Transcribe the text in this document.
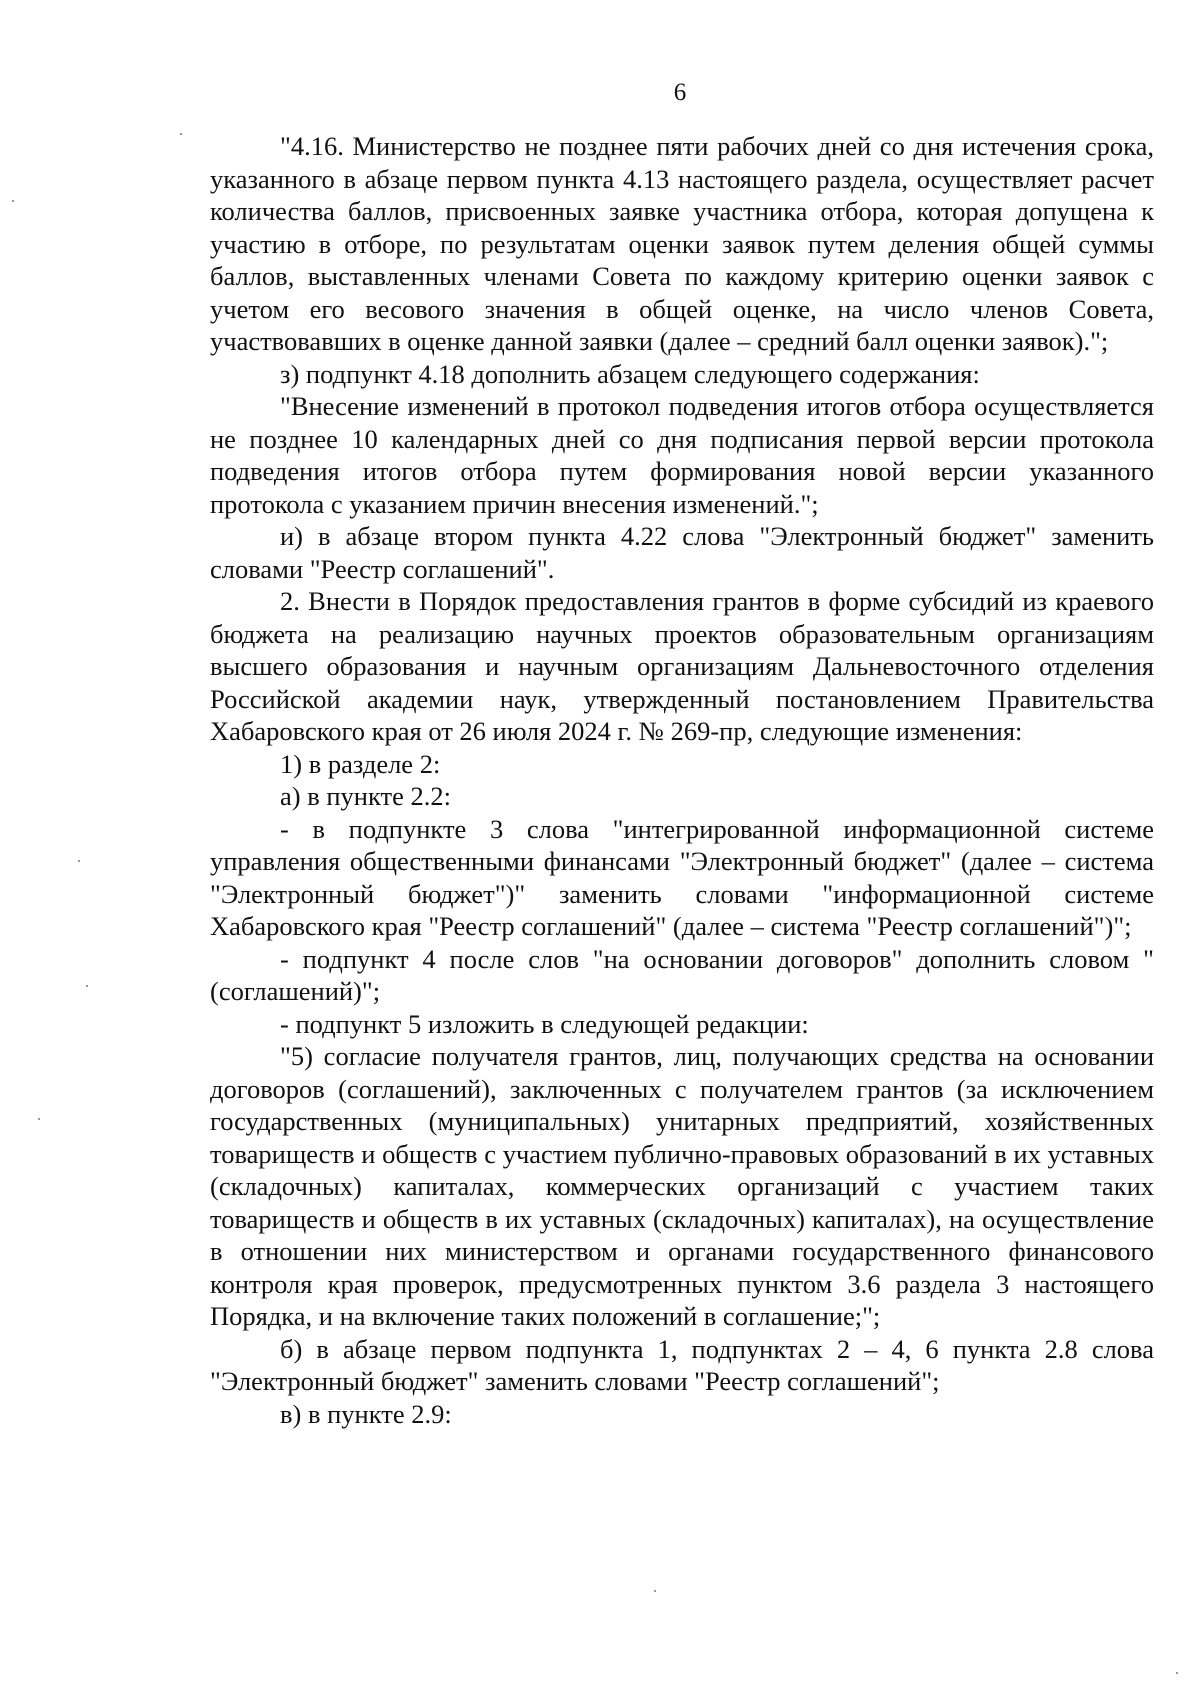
6

"4.16. Министерство не позднее пяти рабочих дней со дня истечения срока, указанного в абзаце первом пункта 4.13 настоящего раздела, осуществляет расчет количества баллов, присвоенных заявке участника отбора, которая допущена к участию в отборе, по результатам оценки заявок путем деления общей суммы баллов, выставленных членами Совета по каждому критерию оценки заявок с учетом его весового значения в общей оценке, на число членов Совета, участвовавших в оценке данной заявки (далее – средний балл оценки заявок).";

з) подпункт 4.18 дополнить абзацем следующего содержания:

"Внесение изменений в протокол подведения итогов отбора осуществляется не позднее 10 календарных дней со дня подписания первой версии протокола подведения итогов отбора путем формирования новой версии указанного протокола с указанием причин внесения изменений.";

и) в абзаце втором пункта 4.22 слова "Электронный бюджет" заменить словами "Реестр соглашений".

2. Внести в Порядок предоставления грантов в форме субсидий из краевого бюджета на реализацию научных проектов образовательным организациям высшего образования и научным организациям Дальневосточного отделения Российской академии наук, утвержденный постановлением Правительства Хабаровского края от 26 июля 2024 г. № 269-пр, следующие изменения:

1) в разделе 2:

а) в пункте 2.2:

- в подпункте 3 слова "интегрированной информационной системе управления общественными финансами "Электронный бюджет" (далее – система "Электронный бюджет")" заменить словами "информационной системе Хабаровского края "Реестр соглашений" (далее – система "Реестр соглашений")";

- подпункт 4 после слов "на основании договоров" дополнить словом "(соглашений)";

- подпункт 5 изложить в следующей редакции:

"5) согласие получателя грантов, лиц, получающих средства на основании договоров (соглашений), заключенных с получателем грантов (за исключением государственных (муниципальных) унитарных предприятий, хозяйственных товариществ и обществ с участием публично-правовых образований в их уставных (складочных) капиталах, коммерческих организаций с участием таких товариществ и обществ в их уставных (складочных) капиталах), на осуществление в отношении них министерством и органами государственного финансового контроля края проверок, предусмотренных пунктом 3.6 раздела 3 настоящего Порядка, и на включение таких положений в соглашение;";

б) в абзаце первом подпункта 1, подпунктах 2 – 4, 6 пункта 2.8 слова "Электронный бюджет" заменить словами "Реестр соглашений";

в) в пункте 2.9:
